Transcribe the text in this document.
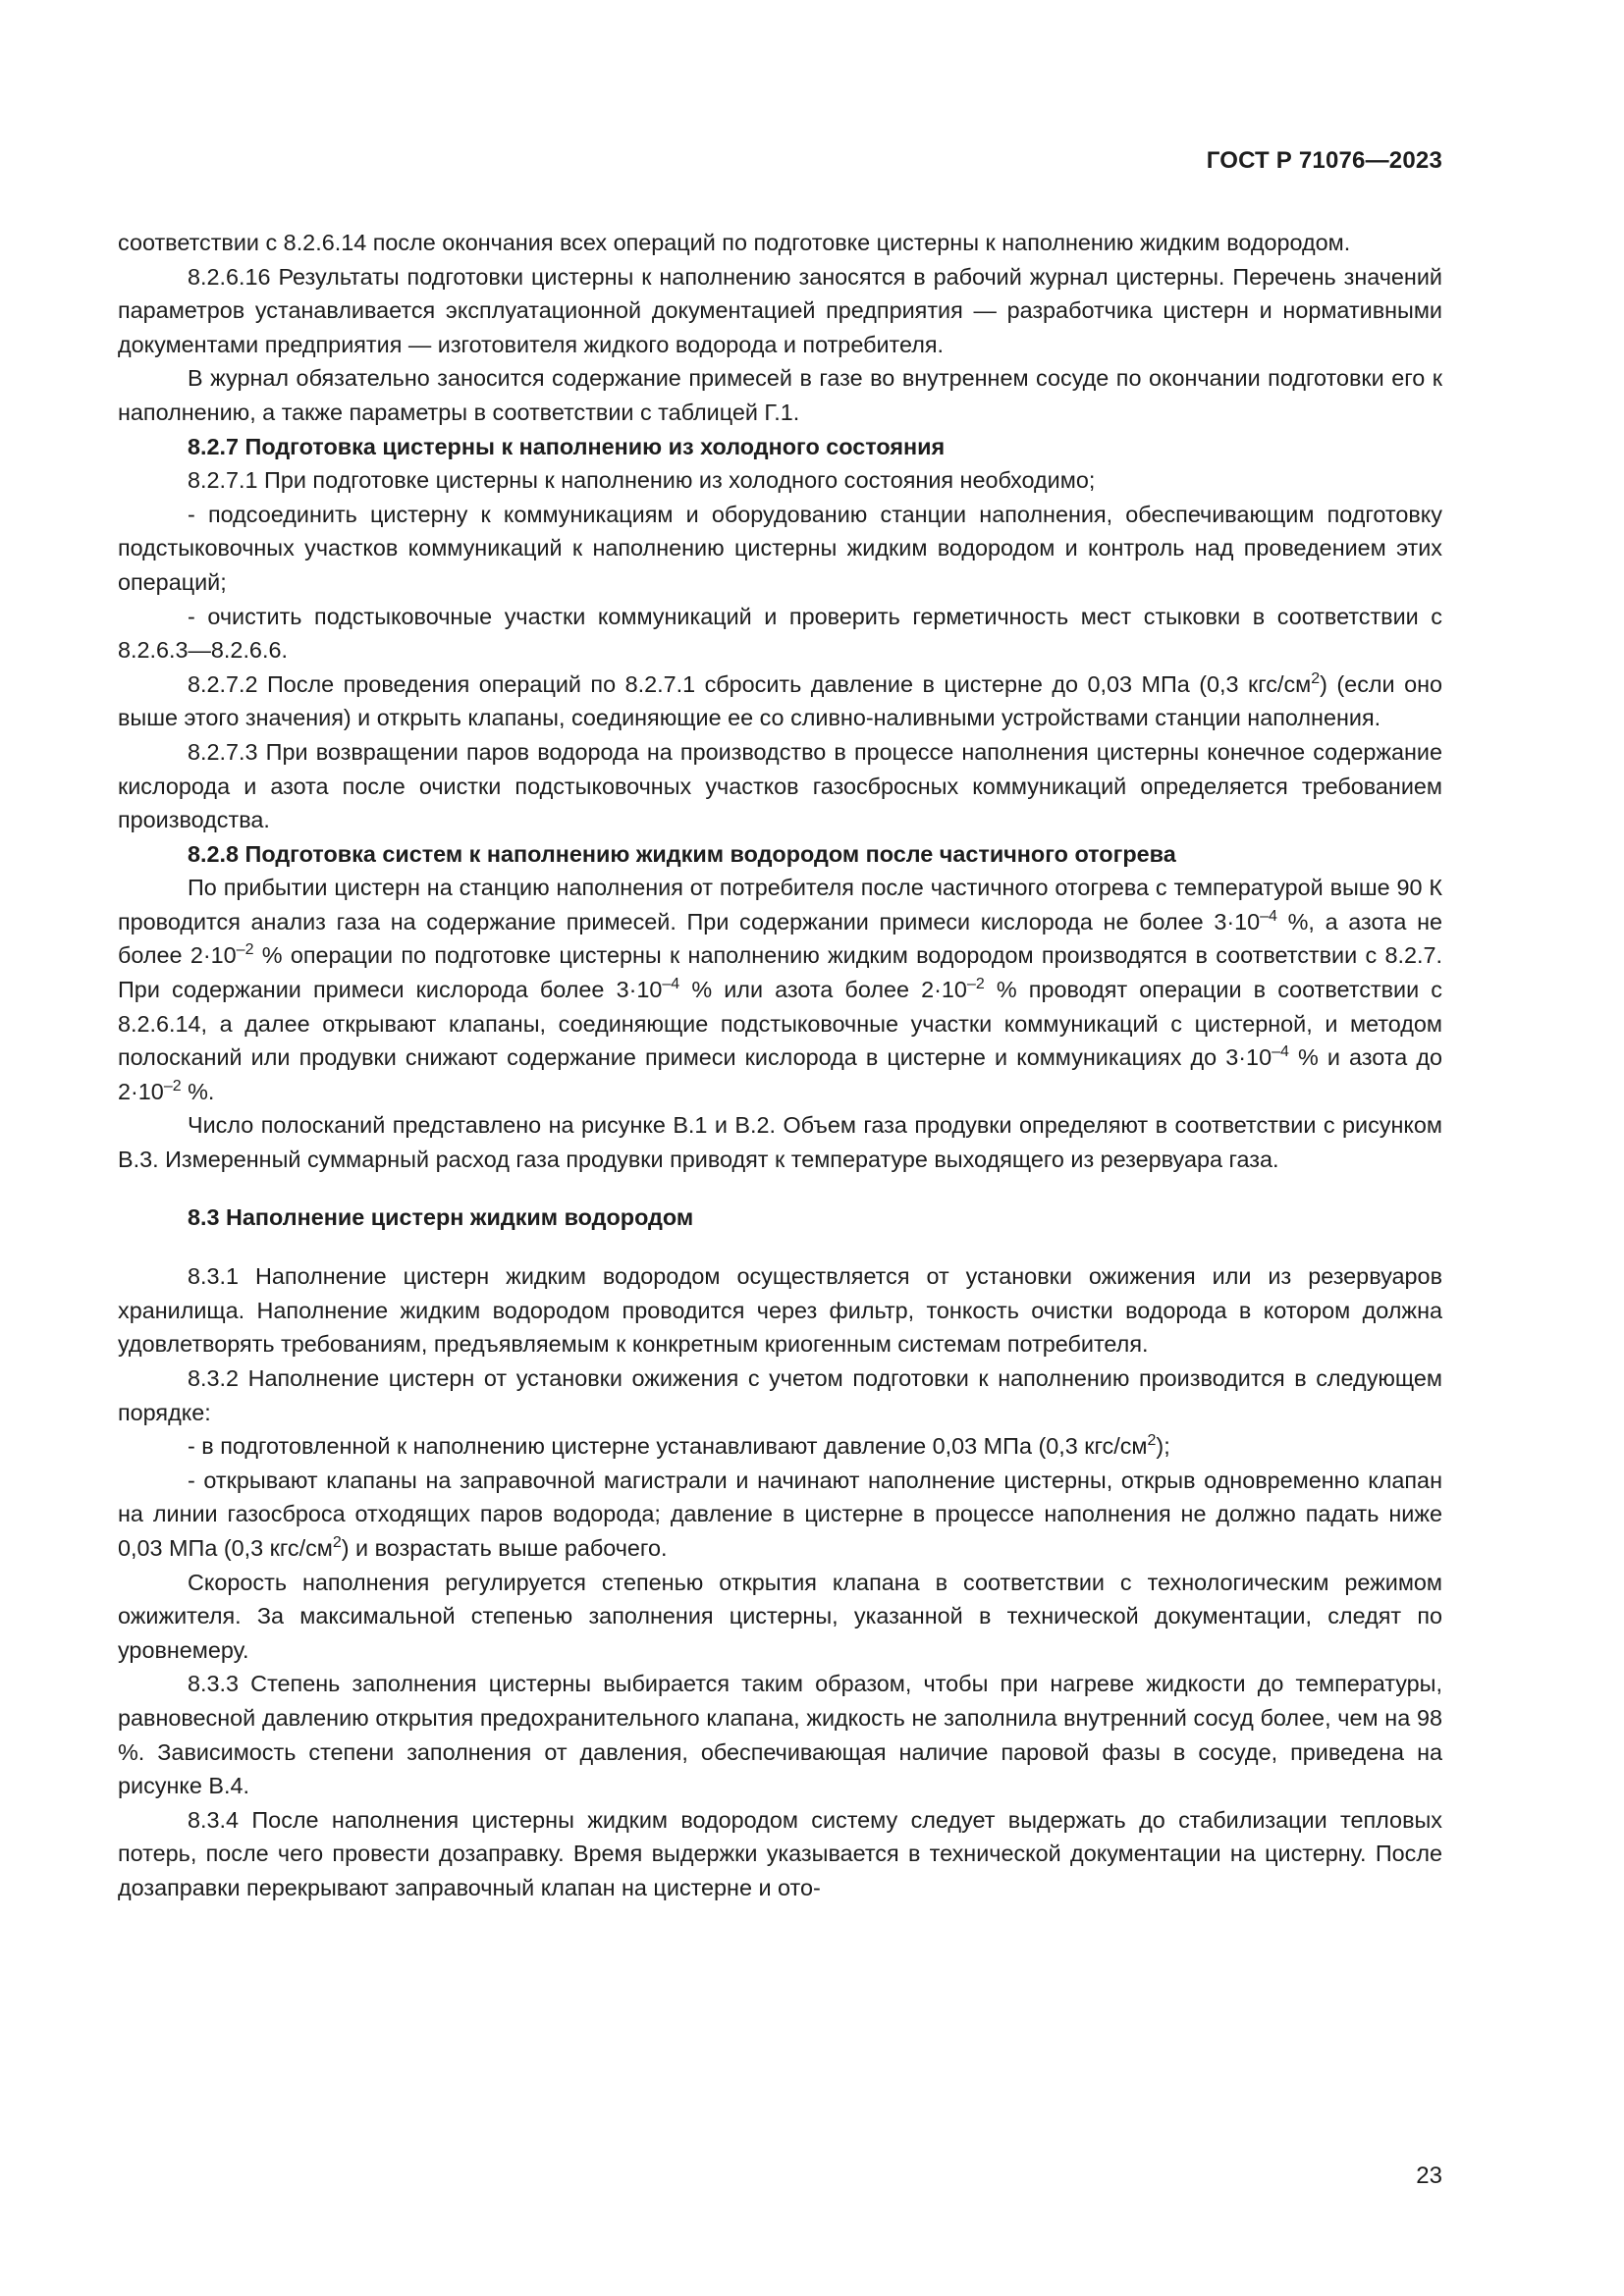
ГОСТ Р 71076—2023

соответствии с 8.2.6.14 после окончания всех операций по подготовке цистерны к наполнению жидким водородом.

8.2.6.16 Результаты подготовки цистерны к наполнению заносятся в рабочий журнал цистерны. Перечень значений параметров устанавливается эксплуатационной документацией предприятия — разработчика цистерн и нормативными документами предприятия — изготовителя жидкого водорода и потребителя.

В журнал обязательно заносится содержание примесей в газе во внутреннем сосуде по окончании подготовки его к наполнению, а также параметры в соответствии с таблицей Г.1.

8.2.7 Подготовка цистерны к наполнению из холодного состояния

8.2.7.1 При подготовке цистерны к наполнению из холодного состояния необходимо;

- подсоединить цистерну к коммуникациям и оборудованию станции наполнения, обеспечивающим подготовку подстыковочных участков коммуникаций к наполнению цистерны жидким водородом и контроль над проведением этих операций;

- очистить подстыковочные участки коммуникаций и проверить герметичность мест стыковки в соответствии с 8.2.6.3—8.2.6.6.

8.2.7.2 После проведения операций по 8.2.7.1 сбросить давление в цистерне до 0,03 МПа (0,3 кгс/$см^2$) (если оно выше этого значения) и открыть клапаны, соединяющие ее со сливно-наливными устройствами станции наполнения.

8.2.7.3 При возвращении паров водорода на производство в процессе наполнения цистерны конечное содержание кислорода и азота после очистки подстыковочных участков газосбросных коммуникаций определяется требованием производства.

8.2.8 Подготовка систем к наполнению жидким водородом после частичного отогрева

По прибытии цистерн на станцию наполнения от потребителя после частичного отогрева с температурой выше 90 К проводится анализ газа на содержание примесей. При содержании примеси кислорода не более $3\cdot 10^{-4}$ %, а азота не более $2\cdot 10^{-2}$ % операции по подготовке цистерны к наполнению жидким водородом производятся в соответствии с 8.2.7. При содержании примеси кислорода более $3\cdot 10^{-4}$ % или азота более $2\cdot 10^{-2}$ % проводят операции в соответствии с 8.2.6.14, а далее открывают клапаны, соединяющие подстыковочные участки коммуникаций с цистерной, и методом полосканий или продувки снижают содержание примеси кислорода в цистерне и коммуникациях до $3\cdot 10^{-4}$ % и азота до $2\cdot 10^{-2}$ %.

Число полосканий представлено на рисунке В.1 и В.2. Объем газа продувки определяют в соответствии с рисунком В.3. Измеренный суммарный расход газа продувки приводят к температуре выходящего из резервуара газа.

8.3 Наполнение цистерн жидким водородом

8.3.1 Наполнение цистерн жидким водородом осуществляется от установки ожижения или из резервуаров хранилища. Наполнение жидким водородом проводится через фильтр, тонкость очистки водорода в котором должна удовлетворять требованиям, предъявляемым к конкретным криогенным системам потребителя.

8.3.2 Наполнение цистерн от установки ожижения с учетом подготовки к наполнению производится в следующем порядке:

- в подготовленной к наполнению цистерне устанавливают давление 0,03 МПа (0,3 кгс/$см^2$);

- открывают клапаны на заправочной магистрали и начинают наполнение цистерны, открыв одновременно клапан на линии газосброса отходящих паров водорода; давление в цистерне в процессе наполнения не должно падать ниже 0,03 МПа (0,3 кгс/$см^2$) и возрастать выше рабочего.

Скорость наполнения регулируется степенью открытия клапана в соответствии с технологическим режимом ожижителя. За максимальной степенью заполнения цистерны, указанной в технической документации, следят по уровнемеру.

8.3.3 Степень заполнения цистерны выбирается таким образом, чтобы при нагреве жидкости до температуры, равновесной давлению открытия предохранительного клапана, жидкость не заполнила внутренний сосуд более, чем на 98 %. Зависимость степени заполнения от давления, обеспечивающая наличие паровой фазы в сосуде, приведена на рисунке В.4.

8.3.4 После наполнения цистерны жидким водородом систему следует выдержать до стабилизации тепловых потерь, после чего провести дозаправку. Время выдержки указывается в технической документации на цистерну. После дозаправки перекрывают заправочный клапан на цистерне и ото-

23
